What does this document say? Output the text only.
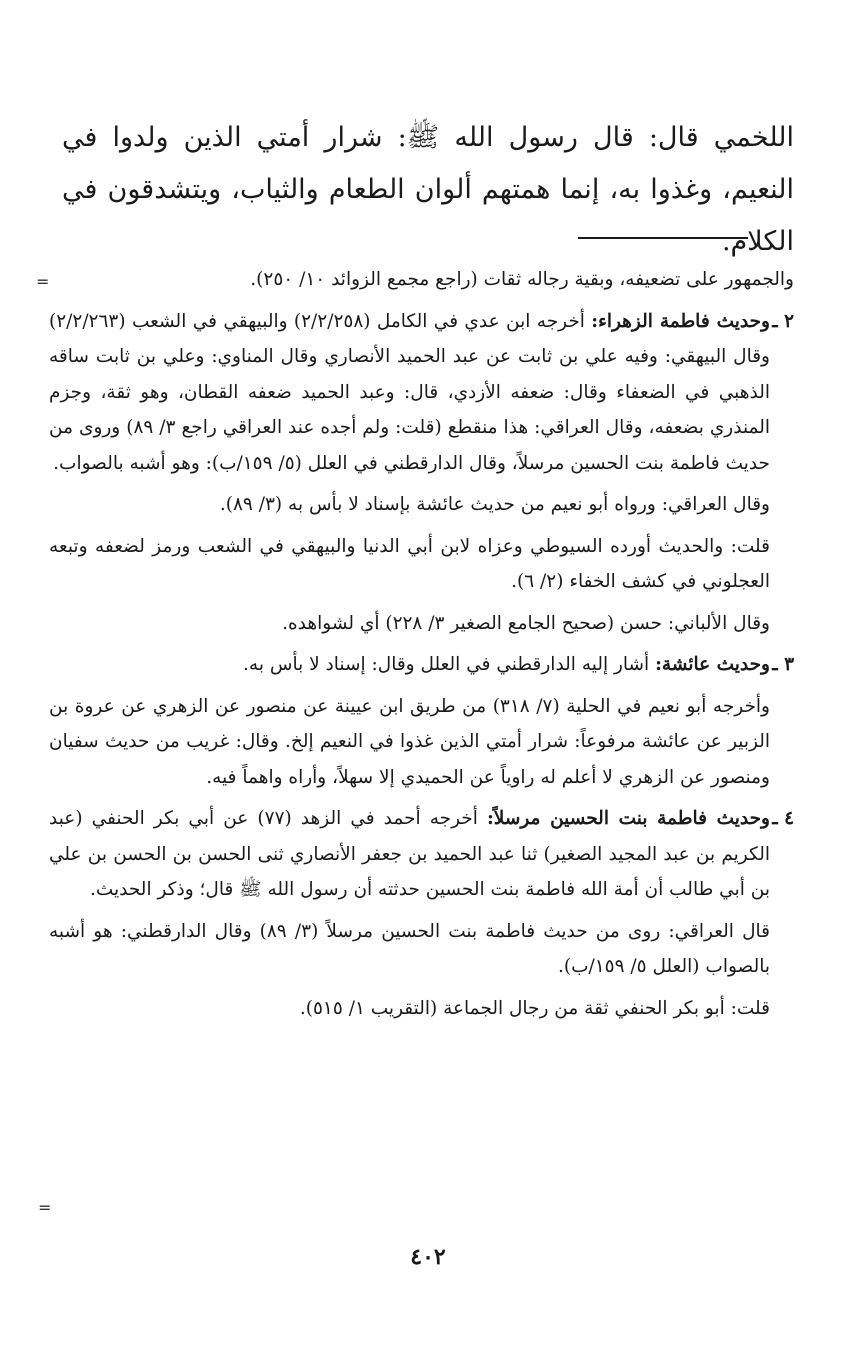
اللخمي قال: قال رسول الله ﷺ: شرار أمتي الذين ولدوا في النعيم، وغذوا به، إنما همتهم ألوان الطعام والثياب، ويتشدقون في الكلام.

=	والجمهور على تضعيفه، وبقية رجاله ثقات (راجع مجمع الزوائد ١٠/ ٢٥٠).

٢ ـ
وحديث فاطمة الزهراء: أخرجه ابن عدي في الكامل (٢/٢/٢٥٨) والبيهقي في الشعب (٢/٢/٢٦٣) وقال البيهقي: وفيه علي بن ثابت عن عبد الحميد الأنصاري وقال المناوي: وعلي بن ثابت ساقه الذهبي في الضعفاء وقال: ضعفه الأزدي، قال: وعبد الحميد ضعفه القطان، وهو ثقة، وجزم المنذري بضعفه، وقال العراقي: هذا منقطع (قلت: ولم أجده عند العراقي راجع ٣/ ٨٩) وروى من حديث فاطمة بنت الحسين مرسلاً، وقال الدارقطني في العلل (٥/ ١٥٩/ب): وهو أشبه بالصواب.

وقال العراقي: ورواه أبو نعيم من حديث عائشة بإسناد لا بأس به (٣/ ٨٩).

قلت: والحديث أورده السيوطي وعزاه لابن أبي الدنيا والبيهقي في الشعب ورمز لضعفه وتبعه العجلوني في كشف الخفاء (٢/ ٦).

وقال الألباني: حسن (صحيح الجامع الصغير ٣/ ٢٢٨) أي لشواهده.

٣ ـ
وحديث عائشة: أشار إليه الدارقطني في العلل وقال: إسناد لا بأس به.

وأخرجه أبو نعيم في الحلية (٧/ ٣١٨) من طريق ابن عيينة عن منصور عن الزهري عن عروة بن الزبير عن عائشة مرفوعاً: شرار أمتي الذين غذوا في النعيم إلخ. وقال: غريب من حديث سفيان ومنصور عن الزهري لا أعلم له راوياً عن الحميدي إلا سهلاً، وأراه واهماً فيه.

٤ ـ
وحديث فاطمة بنت الحسين مرسلاً: أخرجه أحمد في الزهد (٧٧) عن أبي بكر الحنفي (عبد الكريم بن عبد المجيد الصغير) ثنا عبد الحميد بن جعفر الأنصاري ثنى الحسن بن الحسن بن علي بن أبي طالب أن أمة الله فاطمة بنت الحسين حدثته أن رسول الله ﷺ قال؛ وذكر الحديث.

قال العراقي: روى من حديث فاطمة بنت الحسين مرسلاً (٣/ ٨٩) وقال الدارقطني: هو أشبه بالصواب (العلل ٥/ ١٥٩/ب).

قلت: أبو بكر الحنفي ثقة من رجال الجماعة (التقريب ١/ ٥١٥).

=
٤٠٢
